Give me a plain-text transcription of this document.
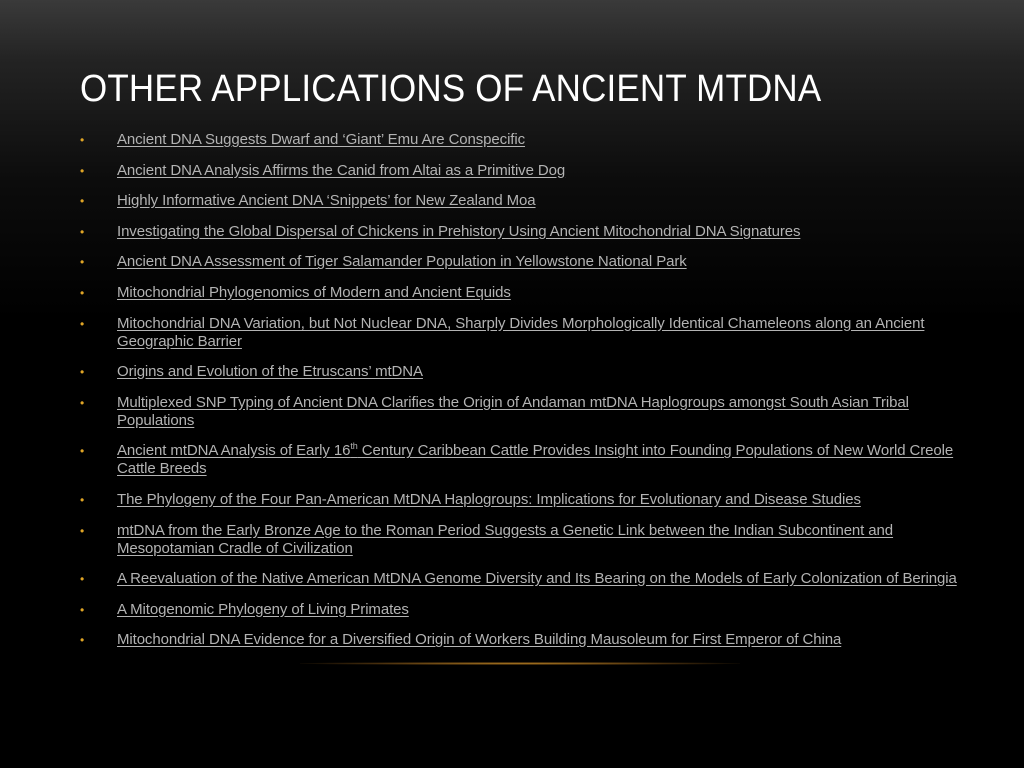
OTHER APPLICATIONS OF ANCIENT MTDNA
•	Ancient DNA Suggests Dwarf and ‘Giant’ Emu Are Conspecific
•	Ancient DNA Analysis Affirms the Canid from Altai as a Primitive Dog
•	Highly Informative Ancient DNA ‘Snippets’ for New Zealand Moa
•	Investigating the Global Dispersal of Chickens in Prehistory Using Ancient Mitochondrial DNA Signatures
•	Ancient DNA Assessment of Tiger Salamander Population in Yellowstone National Park
•	Mitochondrial Phylogenomics of Modern and Ancient Equids
•	Mitochondrial DNA Variation, but Not Nuclear DNA, Sharply Divides Morphologically Identical Chameleons along an Ancient Geographic Barrier
•	Origins and Evolution of the Etruscans’ mtDNA
•	Multiplexed SNP Typing of Ancient DNA Clarifies the Origin of Andaman mtDNA Haplogroups amongst South Asian Tribal Populations
•	Ancient mtDNA Analysis of Early 16th Century Caribbean Cattle Provides Insight into Founding Populations of New World Creole Cattle Breeds
•	The Phylogeny of the Four Pan-American MtDNA Haplogroups: Implications for Evolutionary and Disease Studies
•	mtDNA from the Early Bronze Age to the Roman Period Suggests a Genetic Link between the Indian Subcontinent and Mesopotamian Cradle of Civilization
•	A Reevaluation of the Native American MtDNA Genome Diversity and Its Bearing on the Models of Early Colonization of Beringia
•	A Mitogenomic Phylogeny of Living Primates
•	Mitochondrial DNA Evidence for a Diversified Origin of Workers Building Mausoleum for First Emperor of China
